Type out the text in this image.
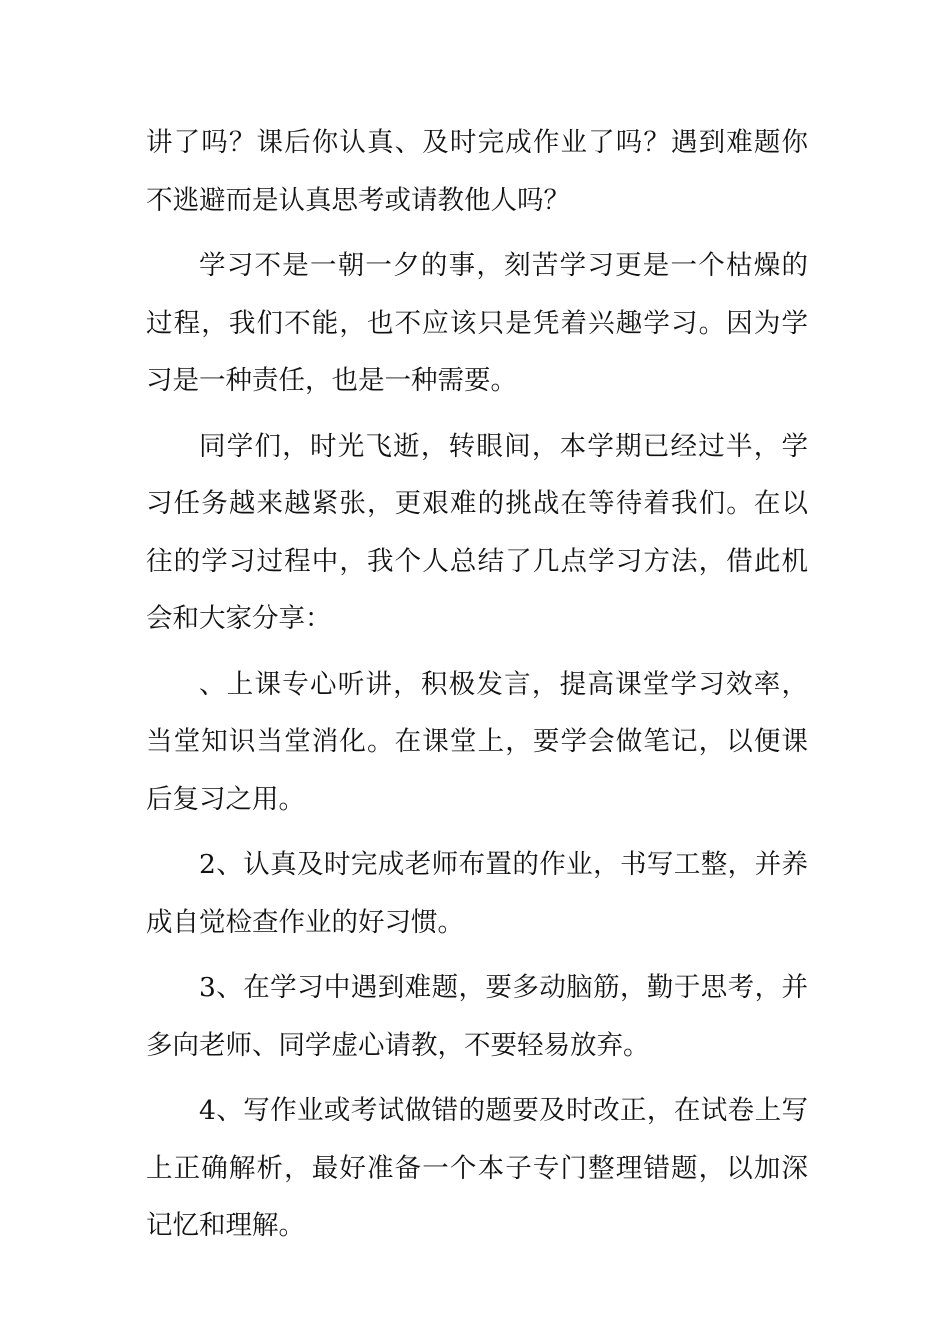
讲了吗？课后你认真、及时完成作业了吗？遇到难题你不逃避而是认真思考或请教他人吗？

学习不是一朝一夕的事，刻苦学习更是一个枯燥的过程，我们不能，也不应该只是凭着兴趣学习。因为学习是一种责任，也是一种需要。

同学们，时光飞逝，转眼间，本学期已经过半，学习任务越来越紧张，更艰难的挑战在等待着我们。在以往的学习过程中，我个人总结了几点学习方法，借此机会和大家分享：

、上课专心听讲，积极发言，提高课堂学习效率，当堂知识当堂消化。在课堂上，要学会做笔记，以便课后复习之用。

2、认真及时完成老师布置的作业，书写工整，并养成自觉检查作业的好习惯。

3、在学习中遇到难题，要多动脑筋，勤于思考，并多向老师、同学虚心请教，不要轻易放弃。

4、写作业或考试做错的题要及时改正，在试卷上写上正确解析，最好准备一个本子专门整理错题，以加深记忆和理解。
